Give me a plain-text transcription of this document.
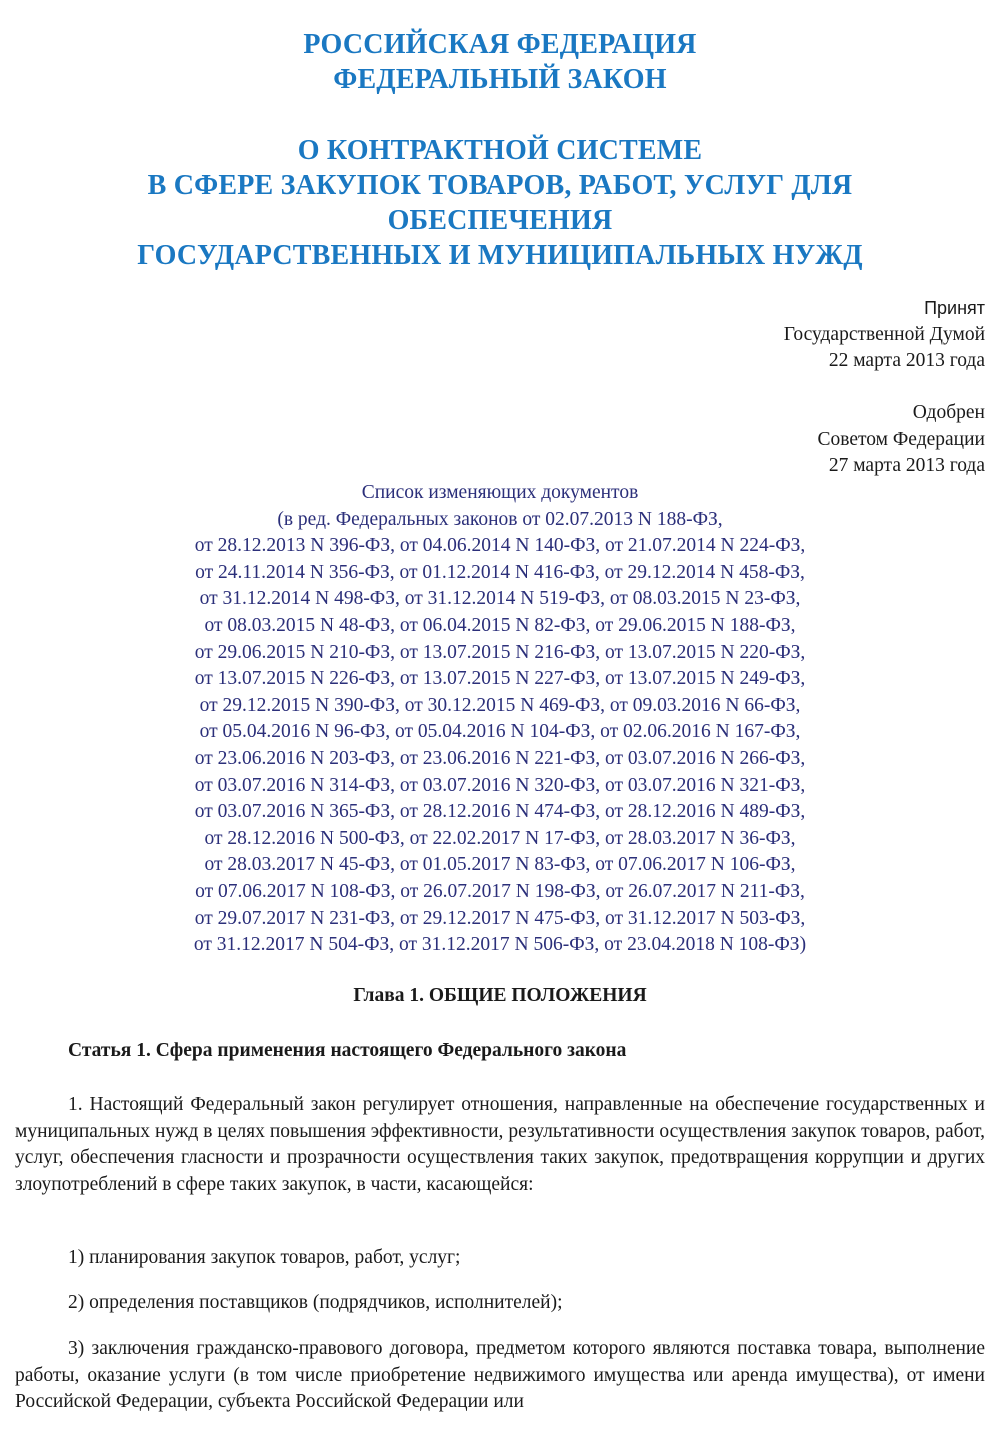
РОССИЙСКАЯ ФЕДЕРАЦИЯ
ФЕДЕРАЛЬНЫЙ ЗАКОН
О КОНТРАКТНОЙ СИСТЕМЕ
В СФЕРЕ ЗАКУПОК ТОВАРОВ, РАБОТ, УСЛУГ ДЛЯ
ОБЕСПЕЧЕНИЯ
ГОСУДАРСТВЕННЫХ И МУНИЦИПАЛЬНЫХ НУЖД
Принят
Государственной Думой
22 марта 2013 года
Одобрен
Советом Федерации
27 марта 2013 года
Список изменяющих документов
(в ред. Федеральных законов от 02.07.2013 N 188-ФЗ,
от 28.12.2013 N 396-ФЗ, от 04.06.2014 N 140-ФЗ, от 21.07.2014 N 224-ФЗ,
от 24.11.2014 N 356-ФЗ, от 01.12.2014 N 416-ФЗ, от 29.12.2014 N 458-ФЗ,
от 31.12.2014 N 498-ФЗ, от 31.12.2014 N 519-ФЗ, от 08.03.2015 N 23-ФЗ,
от 08.03.2015 N 48-ФЗ, от 06.04.2015 N 82-ФЗ, от 29.06.2015 N 188-ФЗ,
от 29.06.2015 N 210-ФЗ, от 13.07.2015 N 216-ФЗ, от 13.07.2015 N 220-ФЗ,
от 13.07.2015 N 226-ФЗ, от 13.07.2015 N 227-ФЗ, от 13.07.2015 N 249-ФЗ,
от 29.12.2015 N 390-ФЗ, от 30.12.2015 N 469-ФЗ, от 09.03.2016 N 66-ФЗ,
от 05.04.2016 N 96-ФЗ, от 05.04.2016 N 104-ФЗ, от 02.06.2016 N 167-ФЗ,
от 23.06.2016 N 203-ФЗ, от 23.06.2016 N 221-ФЗ, от 03.07.2016 N 266-ФЗ,
от 03.07.2016 N 314-ФЗ, от 03.07.2016 N 320-ФЗ, от 03.07.2016 N 321-ФЗ,
от 03.07.2016 N 365-ФЗ, от 28.12.2016 N 474-ФЗ, от 28.12.2016 N 489-ФЗ,
от 28.12.2016 N 500-ФЗ, от 22.02.2017 N 17-ФЗ, от 28.03.2017 N 36-ФЗ,
от 28.03.2017 N 45-ФЗ, от 01.05.2017 N 83-ФЗ, от 07.06.2017 N 106-ФЗ,
от 07.06.2017 N 108-ФЗ, от 26.07.2017 N 198-ФЗ, от 26.07.2017 N 211-ФЗ,
от 29.07.2017 N 231-ФЗ, от 29.12.2017 N 475-ФЗ, от 31.12.2017 N 503-ФЗ,
от 31.12.2017 N 504-ФЗ, от 31.12.2017 N 506-ФЗ, от 23.04.2018 N 108-ФЗ)
Глава 1. ОБЩИЕ ПОЛОЖЕНИЯ
Статья 1. Сфера применения настоящего Федерального закона
1. Настоящий Федеральный закон регулирует отношения, направленные на обеспечение государственных и муниципальных нужд в целях повышения эффективности, результативности осуществления закупок товаров, работ, услуг, обеспечения гласности и прозрачности осуществления таких закупок, предотвращения коррупции и других злоупотреблений в сфере таких закупок, в части, касающейся:
1) планирования закупок товаров, работ, услуг;
2) определения поставщиков (подрядчиков, исполнителей);
3) заключения гражданско-правового договора, предметом которого являются поставка товара, выполнение работы, оказание услуги (в том числе приобретение недвижимого имущества или аренда имущества), от имени Российской Федерации, субъекта Российской Федерации или
